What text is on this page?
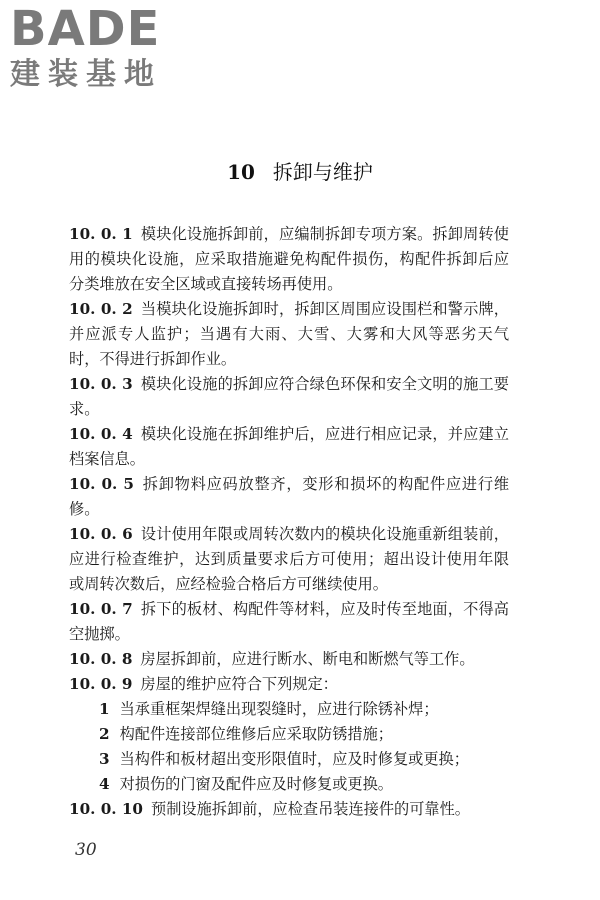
BADE
建装基地
10 拆卸与维护

10. 0. 1 模块化设施拆卸前，应编制拆卸专项方案。拆卸周转使用的模块化设施，应采取措施避免构配件损伤，构配件拆卸后应分类堆放在安全区域或直接转场再使用。

10. 0. 2 当模块化设施拆卸时，拆卸区周围应设围栏和警示牌，并应派专人监护；当遇有大雨、大雪、大雾和大风等恶劣天气时，不得进行拆卸作业。

10. 0. 3 模块化设施的拆卸应符合绿色环保和安全文明的施工要求。

10. 0. 4 模块化设施在拆卸维护后，应进行相应记录，并应建立档案信息。

10. 0. 5 拆卸物料应码放整齐，变形和损坏的构配件应进行维修。

10. 0. 6 设计使用年限或周转次数内的模块化设施重新组装前，应进行检查维护，达到质量要求后方可使用；超出设计使用年限或周转次数后，应经检验合格后方可继续使用。

10. 0. 7 拆下的板材、构配件等材料，应及时传至地面，不得高空抛掷。

10. 0. 8 房屋拆卸前，应进行断水、断电和断燃气等工作。

10. 0. 9 房屋的维护应符合下列规定：

1 当承重框架焊缝出现裂缝时，应进行除锈补焊；

2 构配件连接部位维修后应采取防锈措施；

3 当构件和板材超出变形限值时，应及时修复或更换；

4 对损伤的门窗及配件应及时修复或更换。

10. 0. 10 预制设施拆卸前，应检查吊装连接件的可靠性。

30
